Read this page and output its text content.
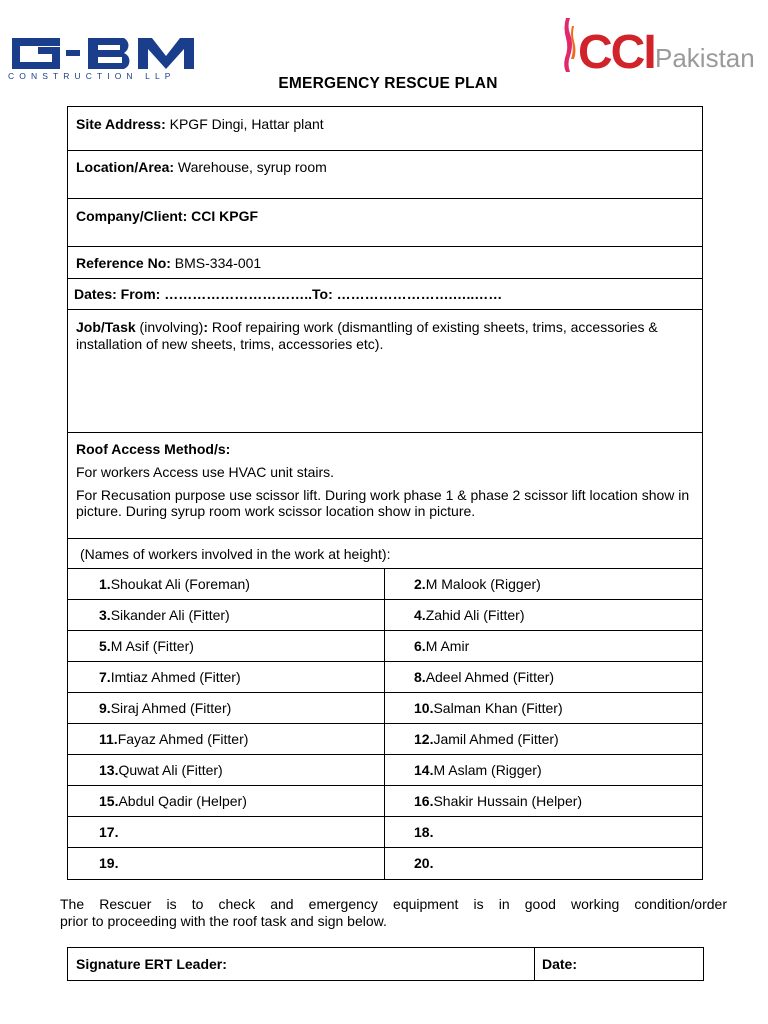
CONSTRUCTION LLP	CCI Pakistan
EMERGENCY RESCUE PLAN
Site Address: KPGF Dingi, Hattar plant
Location/Area: Warehouse, syrup room
Company/Client: CCI KPGF
Reference No: BMS-334-001
Dates: From: …………………………..To: …………………….…..……
Job/Task (involving): Roof repairing work (dismantling of existing sheets, trims, accessories & installation of new sheets, trims, accessories etc).

Roof Access Method/s:

For workers Access use HVAC unit stairs.

For Recusation purpose use scissor lift. During work phase 1 & phase 2 scissor lift location show in picture. During syrup room work scissor location show in picture.

(Names of workers involved in the work at height):
1.Shoukat Ali (Foreman)	2.M Malook (Rigger)
3.Sikander Ali (Fitter)	4.Zahid Ali (Fitter)
5.M Asif (Fitter)	6.M Amir
7.Imtiaz Ahmed (Fitter)	8.Adeel Ahmed (Fitter)
9.Siraj Ahmed (Fitter)	10.Salman Khan (Fitter)
11.Fayaz Ahmed (Fitter)	12.Jamil Ahmed (Fitter)
13.Quwat Ali (Fitter)	14.M Aslam (Rigger)
15.Abdul Qadir (Helper)	16.Shakir Hussain (Helper)
17.	18.
19.	20.
The Rescuer is to check and emergency equipment is in good working condition/order
prior to proceeding with the roof task and sign below.
Signature ERT Leader:	Date:
